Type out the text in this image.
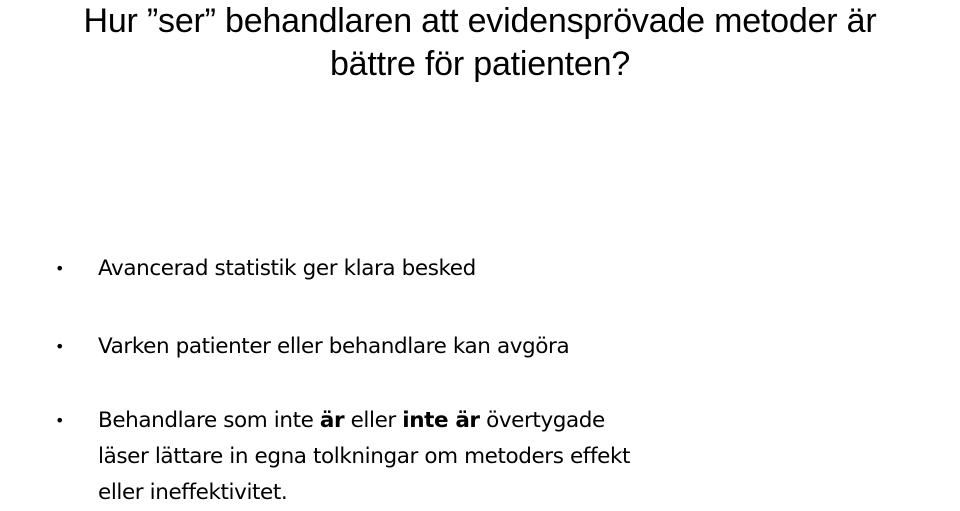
Hur ”ser” behandlaren att evidensprövade metoder är
bättre för patienten?
• Avancerad statistik ger klara besked
• Varken patienter eller behandlare kan avgöra
• Behandlare som inte är eller inte är övertygade
läser lättare in egna tolkningar om metoders effekt
eller ineffektivitet.
